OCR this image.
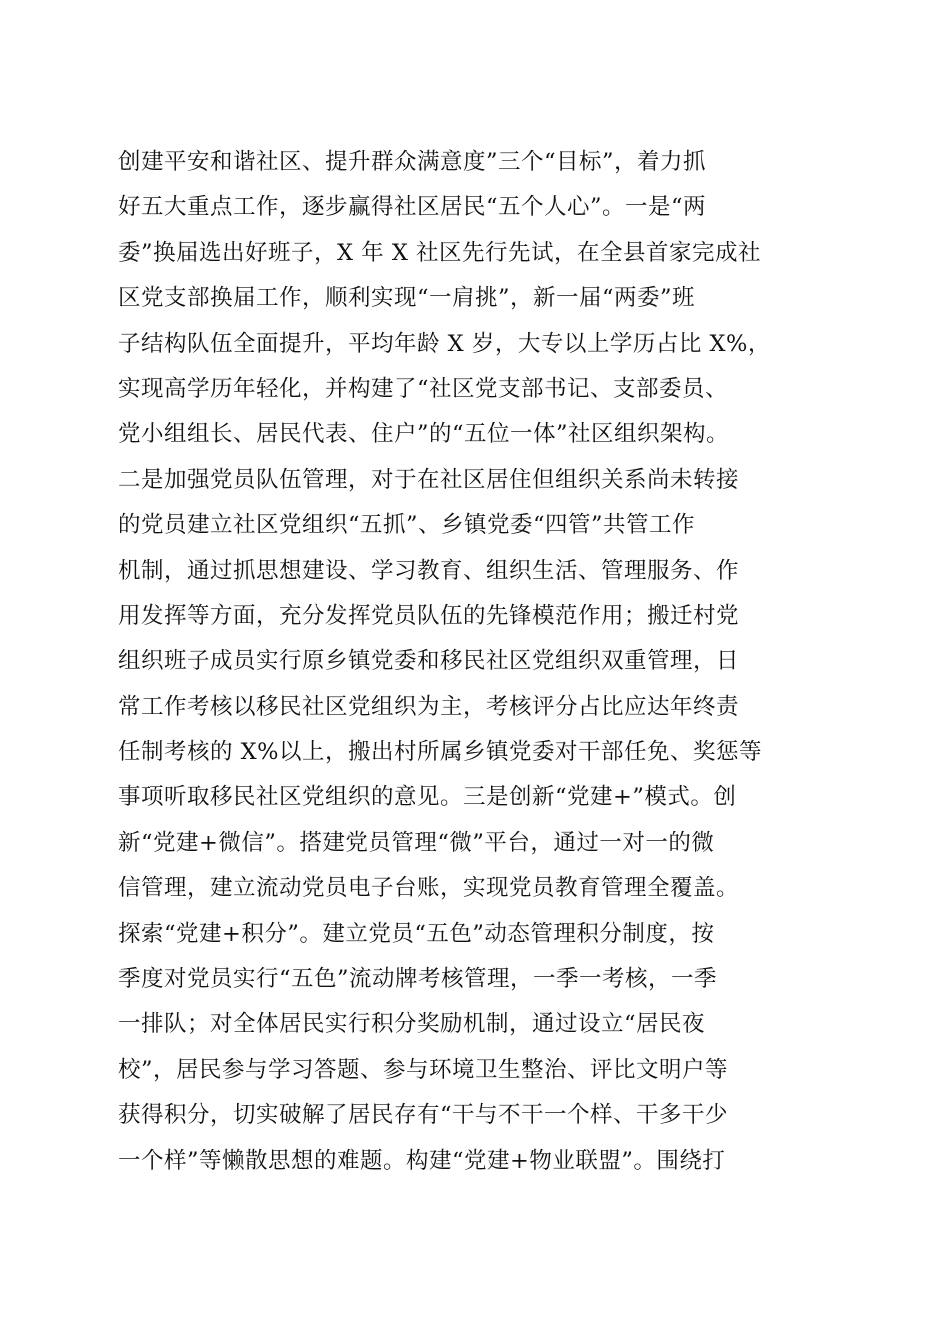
创建平安和谐社区、提升群众满意度”三个“目标”，着力抓
好五大重点工作，逐步赢得社区居民“五个人心”。一是“两
委”换届选出好班子，X 年 X 社区先行先试，在全县首家完成社
区党支部换届工作，顺利实现“一肩挑”，新一届“两委”班
子结构队伍全面提升，平均年龄 X 岁，大专以上学历占比 X%，
实现高学历年轻化，并构建了“社区党支部书记、支部委员、
党小组组长、居民代表、住户”的“五位一体”社区组织架构。
二是加强党员队伍管理，对于在社区居住但组织关系尚未转接
的党员建立社区党组织“五抓”、乡镇党委“四管”共管工作
机制，通过抓思想建设、学习教育、组织生活、管理服务、作
用发挥等方面，充分发挥党员队伍的先锋模范作用；搬迁村党
组织班子成员实行原乡镇党委和移民社区党组织双重管理，日
常工作考核以移民社区党组织为主，考核评分占比应达年终责
任制考核的 X%以上，搬出村所属乡镇党委对干部任免、奖惩等
事项听取移民社区党组织的意见。三是创新“党建+”模式。创
新“党建+微信”。搭建党员管理“微”平台，通过一对一的微
信管理，建立流动党员电子台账，实现党员教育管理全覆盖。
探索“党建+积分”。建立党员“五色”动态管理积分制度，按
季度对党员实行“五色”流动牌考核管理，一季一考核，一季
一排队；对全体居民实行积分奖励机制，通过设立“居民夜
校”，居民参与学习答题、参与环境卫生整治、评比文明户等
获得积分，切实破解了居民存有“干与不干一个样、干多干少
一个样”等懒散思想的难题。构建“党建+物业联盟”。围绕打
